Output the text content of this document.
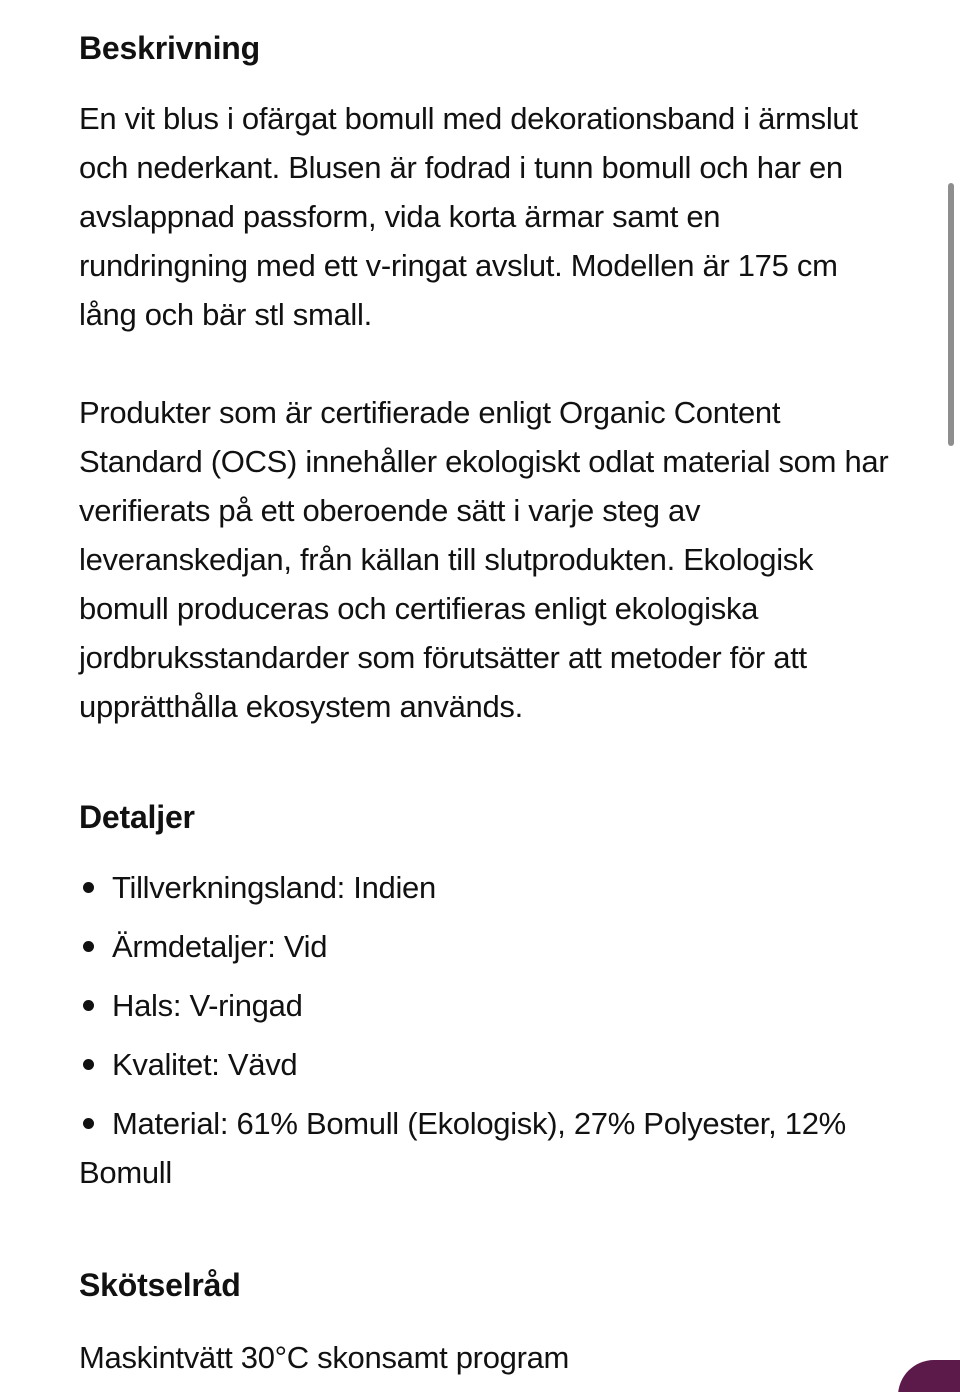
Beskrivning

En vit blus i ofärgat bomull med dekorationsband i ärmslut och nederkant. Blusen är fodrad i tunn bomull och har en avslappnad passform, vida korta ärmar samt en rundringning med ett v-ringat avslut. Modellen är 175 cm lång och bär stl small.

Produkter som är certifierade enligt Organic Content Standard (OCS) innehåller ekologiskt odlat material som har verifierats på ett oberoende sätt i varje steg av leveranskedjan, från källan till slutprodukten. Ekologisk bomull produceras och certifieras enligt ekologiska jordbruksstandarder som förutsätter att metoder för att upprätthålla ekosystem används.

Detaljer
Tillverkningsland: Indien
Ärmdetaljer: Vid
Hals: V-ringad
Kvalitet: Vävd
Material: 61% Bomull (Ekologisk), 27% Polyester, 12% Bomull
Skötselråd

Maskintvätt 30°C skonsamt program
